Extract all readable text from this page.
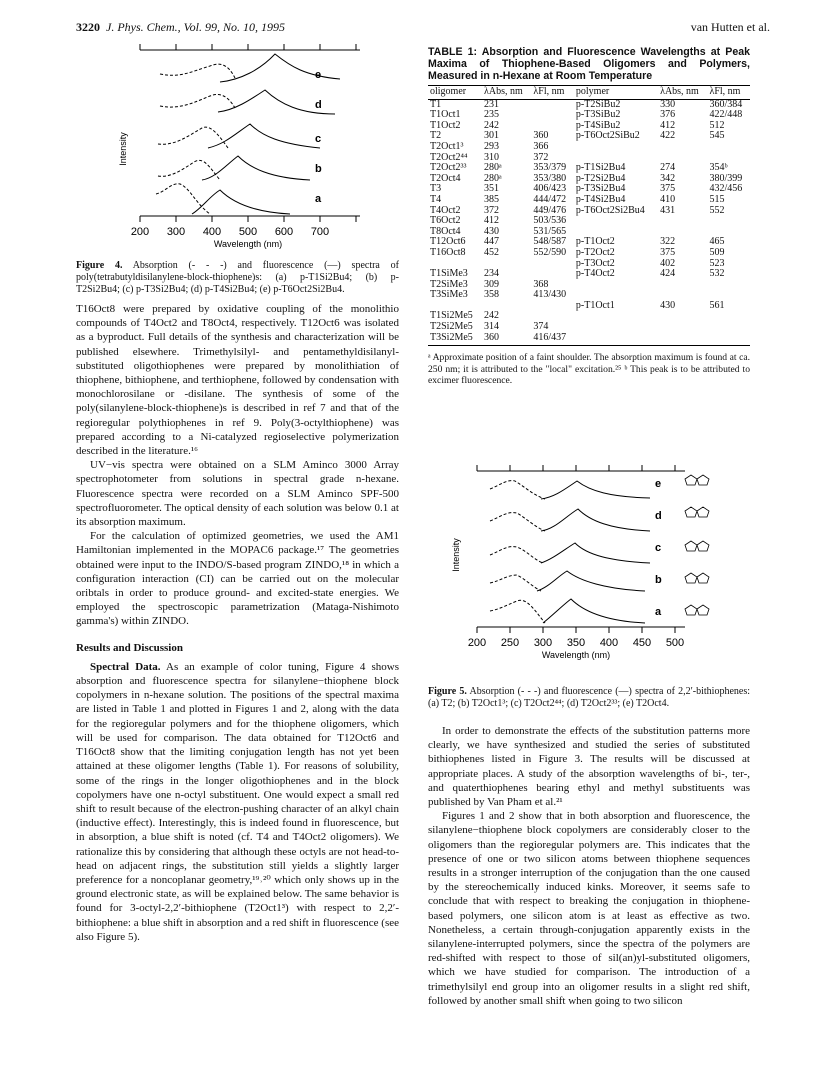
3220 J. Phys. Chem., Vol. 99, No. 10, 1995	van Hutten et al.
e
d
c
b
a
Intensity
200 300 400 500 600 700
Wavelength (nm)
Figure 4. Absorption (- - -) and fluorescence (—) spectra of poly(tetrabutyldisilanylene-block-thiophene)s: (a) p-T1Si2Bu4; (b) p-T2Si2Bu4; (c) p-T3Si2Bu4; (d) p-T4Si2Bu4; (e) p-T6Oct2Si2Bu4.

T16Oct8 were prepared by oxidative coupling of the monolithio compounds of T4Oct2 and T8Oct4, respectively. T12Oct6 was isolated as a byproduct. Full details of the synthesis and characterization will be published elsewhere. Trimethylsilyl- and pentamethyldisilanyl-substituted oligothiophenes were prepared by monolithiation of thiophene, bithiophene, and terthiophene, followed by condensation with monochlorosilane or -disilane. The synthesis of some of the poly(silanylene-block-thiophene)s is described in ref 7 and that of the regioregular polythiophenes in ref 9. Poly(3-octylthiophene) was prepared according to a Ni-catalyzed regioselective polymerization described in the literature.¹⁶

UV−vis spectra were obtained on a SLM Aminco 3000 Array spectrophotometer from solutions in spectral grade n-hexane. Fluorescence spectra were recorded on a SLM Aminco SPF-500 spectrofluorometer. The optical density of each solution was below 0.1 at its absorption maximum.

For the calculation of optimized geometries, we used the AM1 Hamiltonian implemented in the MOPAC6 package.¹⁷ The geometries obtained were input to the INDO/S-based program ZINDO,¹⁸ in which a configuration interaction (CI) can be carried out on the molecular oribtals in order to produce ground- and excited-state energies. We employed the spectroscopic parametrization (Mataga-Nishimoto gamma's) within ZINDO.

Results and Discussion

Spectral Data. As an example of color tuning, Figure 4 shows absorption and fluorescence spectra for silanylene−thiophene block copolymers in n-hexane solution. The positions of the spectral maxima are listed in Table 1 and plotted in Figures 1 and 2, along with the data for the regioregular polymers and for the thiophene oligomers, which will be used for comparison. The data obtained for T12Oct6 and T16Oct8 show that the limiting conjugation length has not yet been attained at these oligomer lengths (Table 1). For reasons of solubility, some of the rings in the longer oligothiophenes and in the block copolymers have one n-octyl substituent. One would expect a small red shift to result because of the electron-pushing character of an alkyl chain (inductive effect). Interestingly, this is indeed found in fluorescence, but in absorption, a blue shift is noted (cf. T4 and T4Oct2 oligomers). We rationalize this by considering that although these octyls are not head-to-head on adjacent rings, the substitution still yields a slightly larger preference for a noncoplanar geometry,¹⁹˒²⁰ which only shows up in the ground electronic state, as will be explained below. The same behavior is found for 3-octyl-2,2′-bithiophene (T2Oct1³) with respect to 2,2′-bithiophene: a blue shift in absorption and a red shift in fluorescence (see also Figure 5).

TABLE 1: Absorption and Fluorescence Wavelengths at Peak Maxima of Thiophene-Based Oligomers and Polymers, Measured in n-Hexane at Room Temperature
oligomer	λAbs, nm	λFl, nm	polymer	λAbs, nm	λFl, nm
T1	231		p-T2SiBu2	330	360/384
T1Oct1	235		p-T3SiBu2	376	422/448
T1Oct2	242		p-T4SiBu2	412	512
T2	301	360	p-T6Oct2SiBu2	422	545
T2Oct1³	293	366			
T2Oct2⁴⁴	310	372			
T2Oct2³³	280ᵃ	353/379	p-T1Si2Bu4	274	354ᵇ
T2Oct4	280ᵃ	353/380	p-T2Si2Bu4	342	380/399
T3	351	406/423	p-T3Si2Bu4	375	432/456
T4	385	444/472	p-T4Si2Bu4	410	515
T4Oct2	372	449/476	p-T6Oct2Si2Bu4	431	552
T6Oct2	412	503/536			
T8Oct4	430	531/565			
T12Oct6	447	548/587	p-T1Oct2	322	465
T16Oct8	452	552/590	p-T2Oct2	375	509
			p-T3Oct2	402	523
T1SiMe3	234		p-T4Oct2	424	532
T2SiMe3	309	368			
T3SiMe3	358	413/430			
			p-T1Oct1	430	561
T1Si2Me5	242				
T2Si2Me5	314	374			
T3Si2Me5	360	416/437			
ᵃ Approximate position of a faint shoulder. The absorption maximum is found at ca. 250 nm; it is attributed to the "local" excitation.²⁵ ᵇ This peak is to be attributed to excimer fluorescence.
e
d
c
b
a
Intensity
200 250 300 350 400 450 500
Wavelength (nm)
Figure 5. Absorption (- - -) and fluorescence (—) spectra of 2,2′-bithiophenes: (a) T2; (b) T2Oct1³; (c) T2Oct2⁴⁴; (d) T2Oct2³³; (e) T2Oct4.

In order to demonstrate the effects of the substitution patterns more clearly, we have synthesized and studied the series of substituted bithiophenes listed in Figure 3. The results will be discussed at appropriate places. A study of the absorption wavelengths of bi-, ter-, and quaterthiophenes bearing ethyl and methyl substituents was published by Van Pham et al.²¹

Figures 1 and 2 show that in both absorption and fluorescence, the silanylene−thiophene block copolymers are considerably closer to the oligomers than the regioregular polymers are. This indicates that the presence of one or two silicon atoms between thiophene sequences results in a stronger interruption of the conjugation than the one caused by the stereochemically induced kinks. Moreover, it seems safe to conclude that with respect to breaking the conjugation in thiophene-based polymers, one silicon atom is at least as effective as two. Nonetheless, a certain through-conjugation apparently exists in the silanylene-interrupted polymers, since the spectra of the polymers are red-shifted with respect to those of sil(an)yl-substituted oligomers, which we have studied for comparison. The introduction of a trimethylsilyl end group into an oligomer results in a slight red shift, followed by another small shift when going to two silicon
